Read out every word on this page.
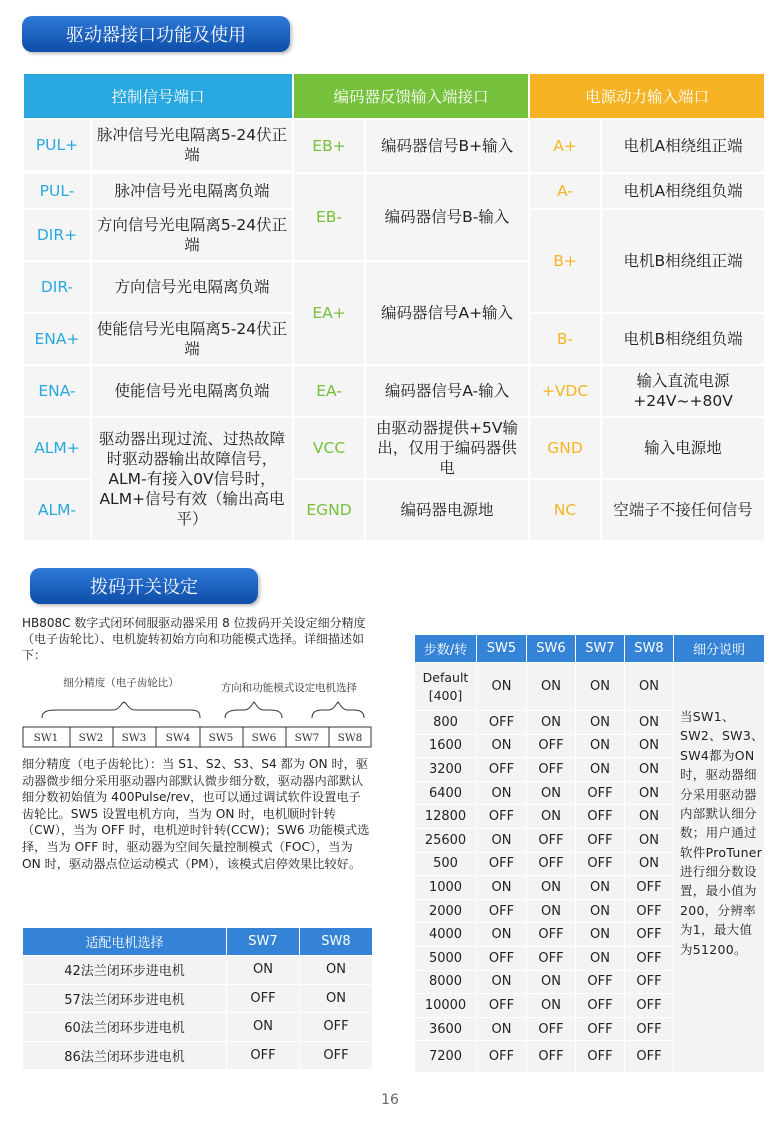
驱动器接口功能及使用
控制信号端口		编码器反馈输入端接口		电源动力输入端口	
PUL+	脉冲信号光电隔离5-24伏正端	EB+	编码器信号B+输入	A+	电机A相绕组正端

PUL-	脉冲信号光电隔离负端	EB-	编码器信号B-输入	A-	电机A相绕组负端
DIR+	方向信号光电隔离5-24伏正端			B+	电机B相绕组正端
DIR-	方向信号光电隔离负端	EA+	编码器信号A+输入		
ENA+	使能信号光电隔离5-24伏正端			B-	电机B相绕组负端
ENA-	使能信号光电隔离负端	EA-	编码器信号A-输入	+VDC	输入直流电源+24V~+80V
ALM+	驱动器出现过流、过热故障时驱动器输出故障信号，ALM-有接入0V信号时，ALM+信号有效（输出高电平）	VCC	由驱动器提供+5V输出，仅用于编码器供电	GND	输入电源地
ALM-		EGND	编码器电源地	NC	空端子不接任何信号
拨码开关设定
HB808C 数字式闭环伺服驱动器采用 8 位拨码开关设定细分精度（电子齿轮比）、电机旋转初始方向和功能模式选择。详细描述如下：
细分精度（电子齿轮比）	方向和功能模式设定 电机选择
SW1 SW2 SW3 SW4 SW5 SW6 SW7 SW8
细分精度（电子齿轮比）：当 S1、S2、S3、S4 都为 ON 时，驱动器微步细分采用驱动器内部默认微步细分数，驱动器内部默认细分数初始值为 400Pulse/rev，也可以通过调试软件设置电子齿轮比。SW5 设置电机方向，当为 ON 时，电机顺时针转（CW），当为 OFF 时，电机逆时针转(CCW)；SW6 功能模式选择，当为 OFF 时，驱动器为空间矢量控制模式（FOC），当为 ON 时，驱动器点位运动模式（PM），该模式启停效果比较好。
适配电机选择	SW7	SW8
42法兰闭环步进电机	ON	ON
57法兰闭环步进电机	OFF	ON
60法兰闭环步进电机	ON	OFF
86法兰闭环步进电机	OFF	OFF
步数/转	SW5	SW6	SW7	SW8	细分说明
Default [400]	ON	ON	ON	ON	当SW1、SW2、SW3、SW4都为ON时，驱动器细分采用驱动器内部默认细分数；用户通过软件ProTuner进行细分数设置，最小值为200，分辨率为1，最大值为51200。
800	OFF	ON	ON	ON	
1600	ON	OFF	ON	ON	
3200	OFF	OFF	ON	ON	
6400	ON	ON	OFF	ON	
12800	OFF	ON	OFF	ON	
25600	ON	OFF	OFF	ON	
500	OFF	OFF	OFF	ON	
1000	ON	ON	ON	OFF	
2000	OFF	ON	ON	OFF	
4000	ON	OFF	ON	OFF	
5000	OFF	OFF	ON	OFF	
8000	ON	ON	OFF	OFF	
10000	OFF	ON	OFF	OFF	
3600	ON	OFF	OFF	OFF	
7200	OFF	OFF	OFF	OFF	
16
